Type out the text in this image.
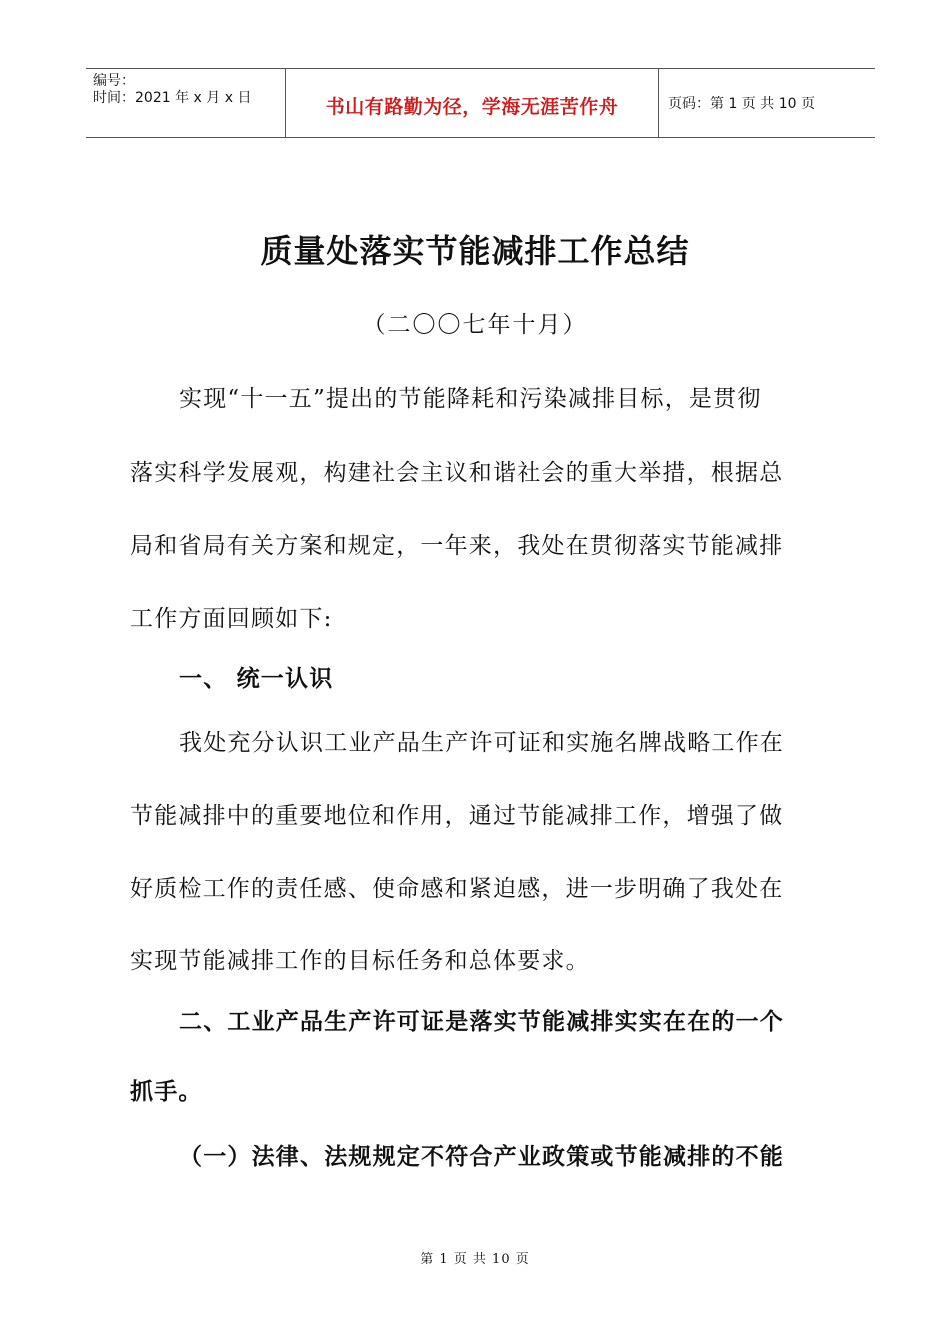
编号：
时间：2021 年 x 月 x 日	书山有路勤为径，学海无涯苦作舟	页码：第 1 页 共 10 页
质量处落实节能减排工作总结
（二〇〇七年十月）
实现“十一五”提出的节能降耗和污染减排目标，是贯彻
落实科学发展观，构建社会主议和谐社会的重大举措，根据总
局和省局有关方案和规定，一年来，我处在贯彻落实节能减排
工作方面回顾如下:
一、 统一认识
我处充分认识工业产品生产许可证和实施名牌战略工作在
节能减排中的重要地位和作用，通过节能减排工作，增强了做
好质检工作的责任感、使命感和紧迫感，进一步明确了我处在
实现节能减排工作的目标任务和总体要求。
二、工业产品生产许可证是落实节能减排实实在在的一个
抓手。
（一）法律、法规规定不符合产业政策或节能减排的不能
第 1 页 共 10 页
